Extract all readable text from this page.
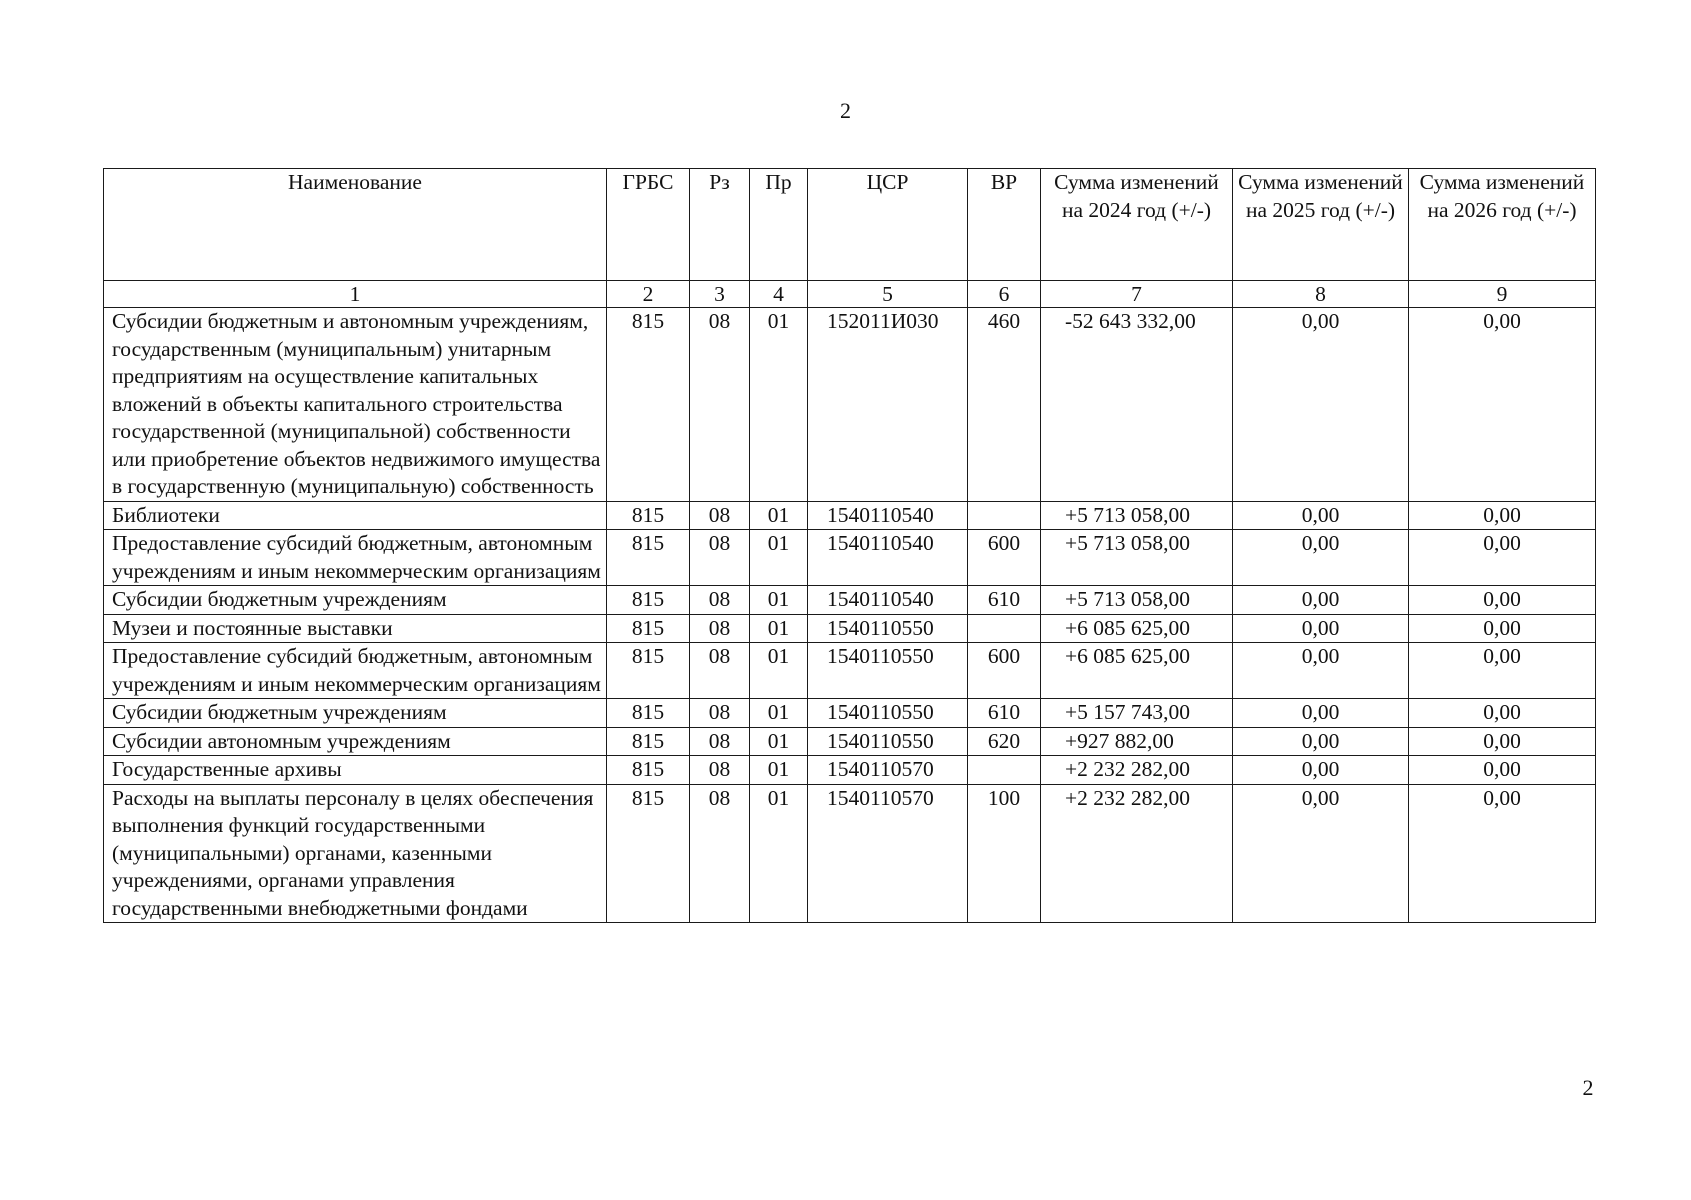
2
Наименование	ГРБС	Рз	Пр	ЦСР	ВР	Сумма изменений на 2024 год (+/-)	Сумма изменений на 2025 год (+/-)	Сумма изменений на 2026 год (+/-)
1	2	3	4	5	6	7	8	9
Субсидии бюджетным и автономным учреждениям, государственным (муниципальным) унитарным предприятиям на осуществление капитальных вложений в объекты капитального строительства государственной (муниципальной) собственности или приобретение объектов недвижимого имущества в государственную (муниципальную) собственность	815	08	01	152011И030	460	-52 643 332,00	0,00	0,00
Библиотеки	815	08	01	1540110540		+5 713 058,00	0,00	0,00
Предоставление субсидий бюджетным, автономным учреждениям и иным некоммерческим организациям	815	08	01	1540110540	600	+5 713 058,00	0,00	0,00
Субсидии бюджетным учреждениям	815	08	01	1540110540	610	+5 713 058,00	0,00	0,00
Музеи и постоянные выставки	815	08	01	1540110550		+6 085 625,00	0,00	0,00
Предоставление субсидий бюджетным, автономным учреждениям и иным некоммерческим организациям	815	08	01	1540110550	600	+6 085 625,00	0,00	0,00
Субсидии бюджетным учреждениям	815	08	01	1540110550	610	+5 157 743,00	0,00	0,00
Субсидии автономным учреждениям	815	08	01	1540110550	620	+927 882,00	0,00	0,00
Государственные архивы	815	08	01	1540110570		+2 232 282,00	0,00	0,00
Расходы на выплаты персоналу в целях обеспечения выполнения функций государственными (муниципальными) органами, казенными учреждениями, органами управления государственными внебюджетными фондами	815	08	01	1540110570	100	+2 232 282,00	0,00	0,00
2
